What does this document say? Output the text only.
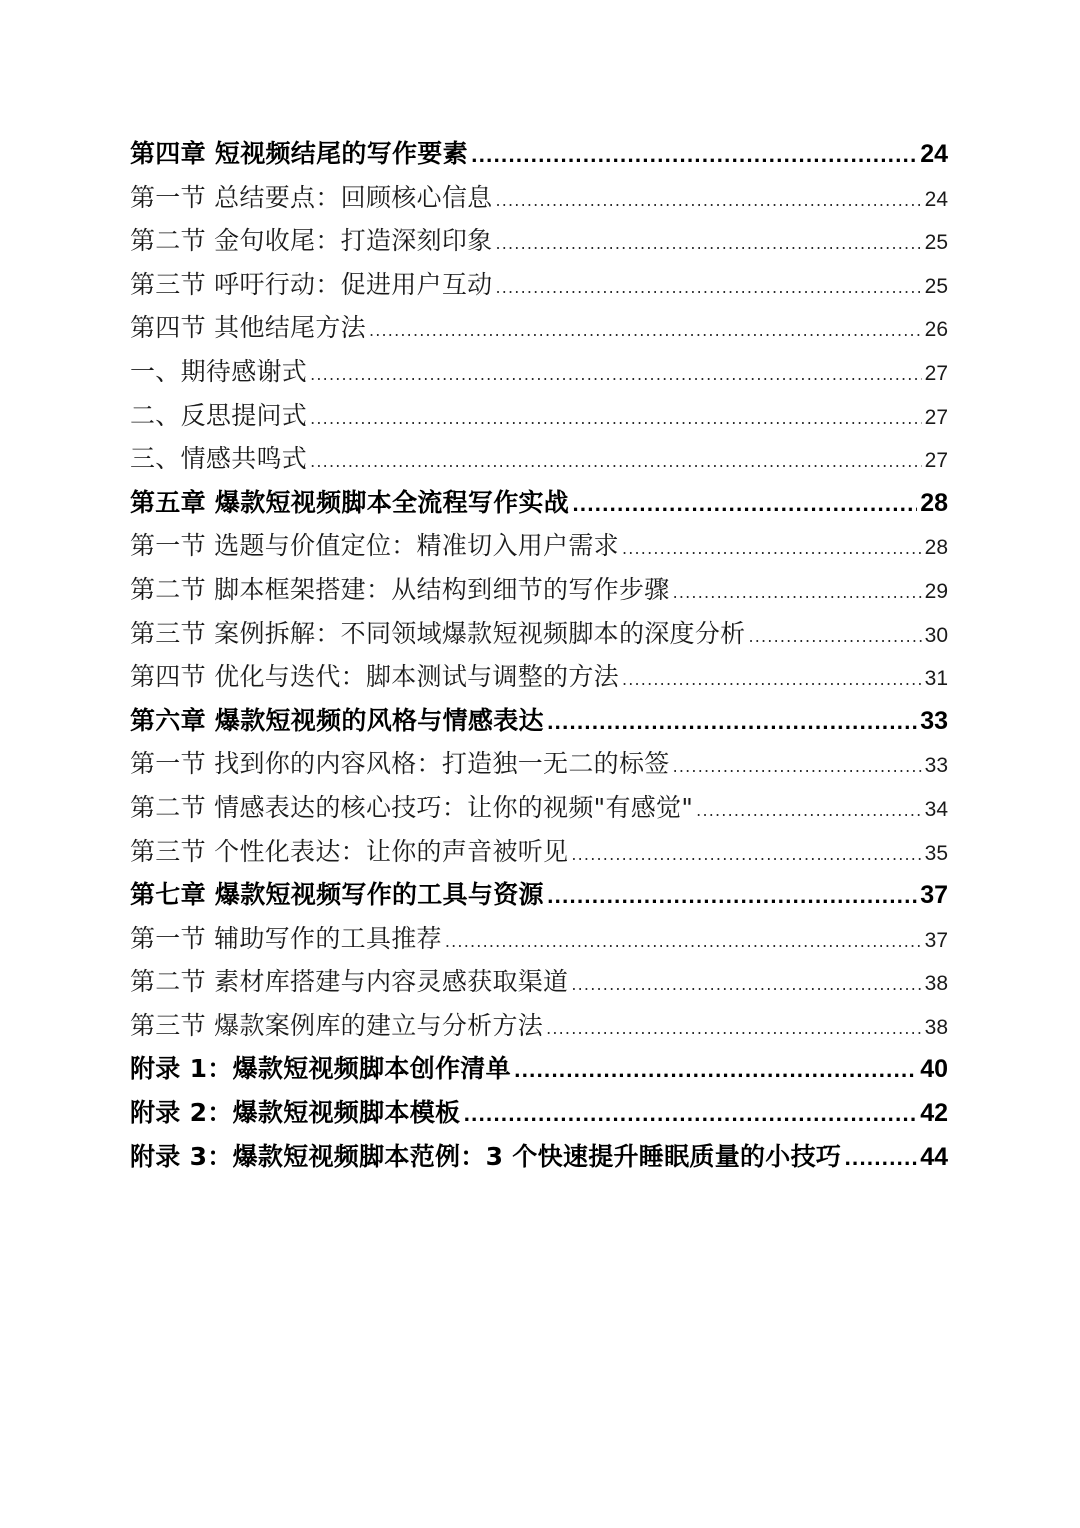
第四章 短视频结尾的写作要素 .....	24
第一节 总结要点：回顾核心信息 .....	24
第二节 金句收尾：打造深刻印象 .....	25
第三节 呼吁行动：促进用户互动 .....	25
第四节 其他结尾方法 .....	26
一、期待感谢式 .....	27
二、反思提问式 .....	27
三、情感共鸣式 .....	27
第五章 爆款短视频脚本全流程写作实战 .....	28
第一节 选题与价值定位：精准切入用户需求 .....	28
第二节 脚本框架搭建：从结构到细节的写作步骤 .....	29
第三节 案例拆解：不同领域爆款短视频脚本的深度分析 .....	30
第四节 优化与迭代：脚本测试与调整的方法 .....	31
第六章 爆款短视频的风格与情感表达 .....	33
第一节 找到你的内容风格：打造独一无二的标签 .....	33
第二节 情感表达的核心技巧：让你的视频"有感觉" .....	34
第三节 个性化表达：让你的声音被听见 .....	35
第七章 爆款短视频写作的工具与资源 .....	37
第一节 辅助写作的工具推荐 .....	37
第二节 素材库搭建与内容灵感获取渠道 .....	38
第三节 爆款案例库的建立与分析方法 .....	38
附录 1：爆款短视频脚本创作清单 .....	40
附录 2：爆款短视频脚本模板 .....	42
附录 3：爆款短视频脚本范例：3 个快速提升睡眠质量的小技巧 .....	44
